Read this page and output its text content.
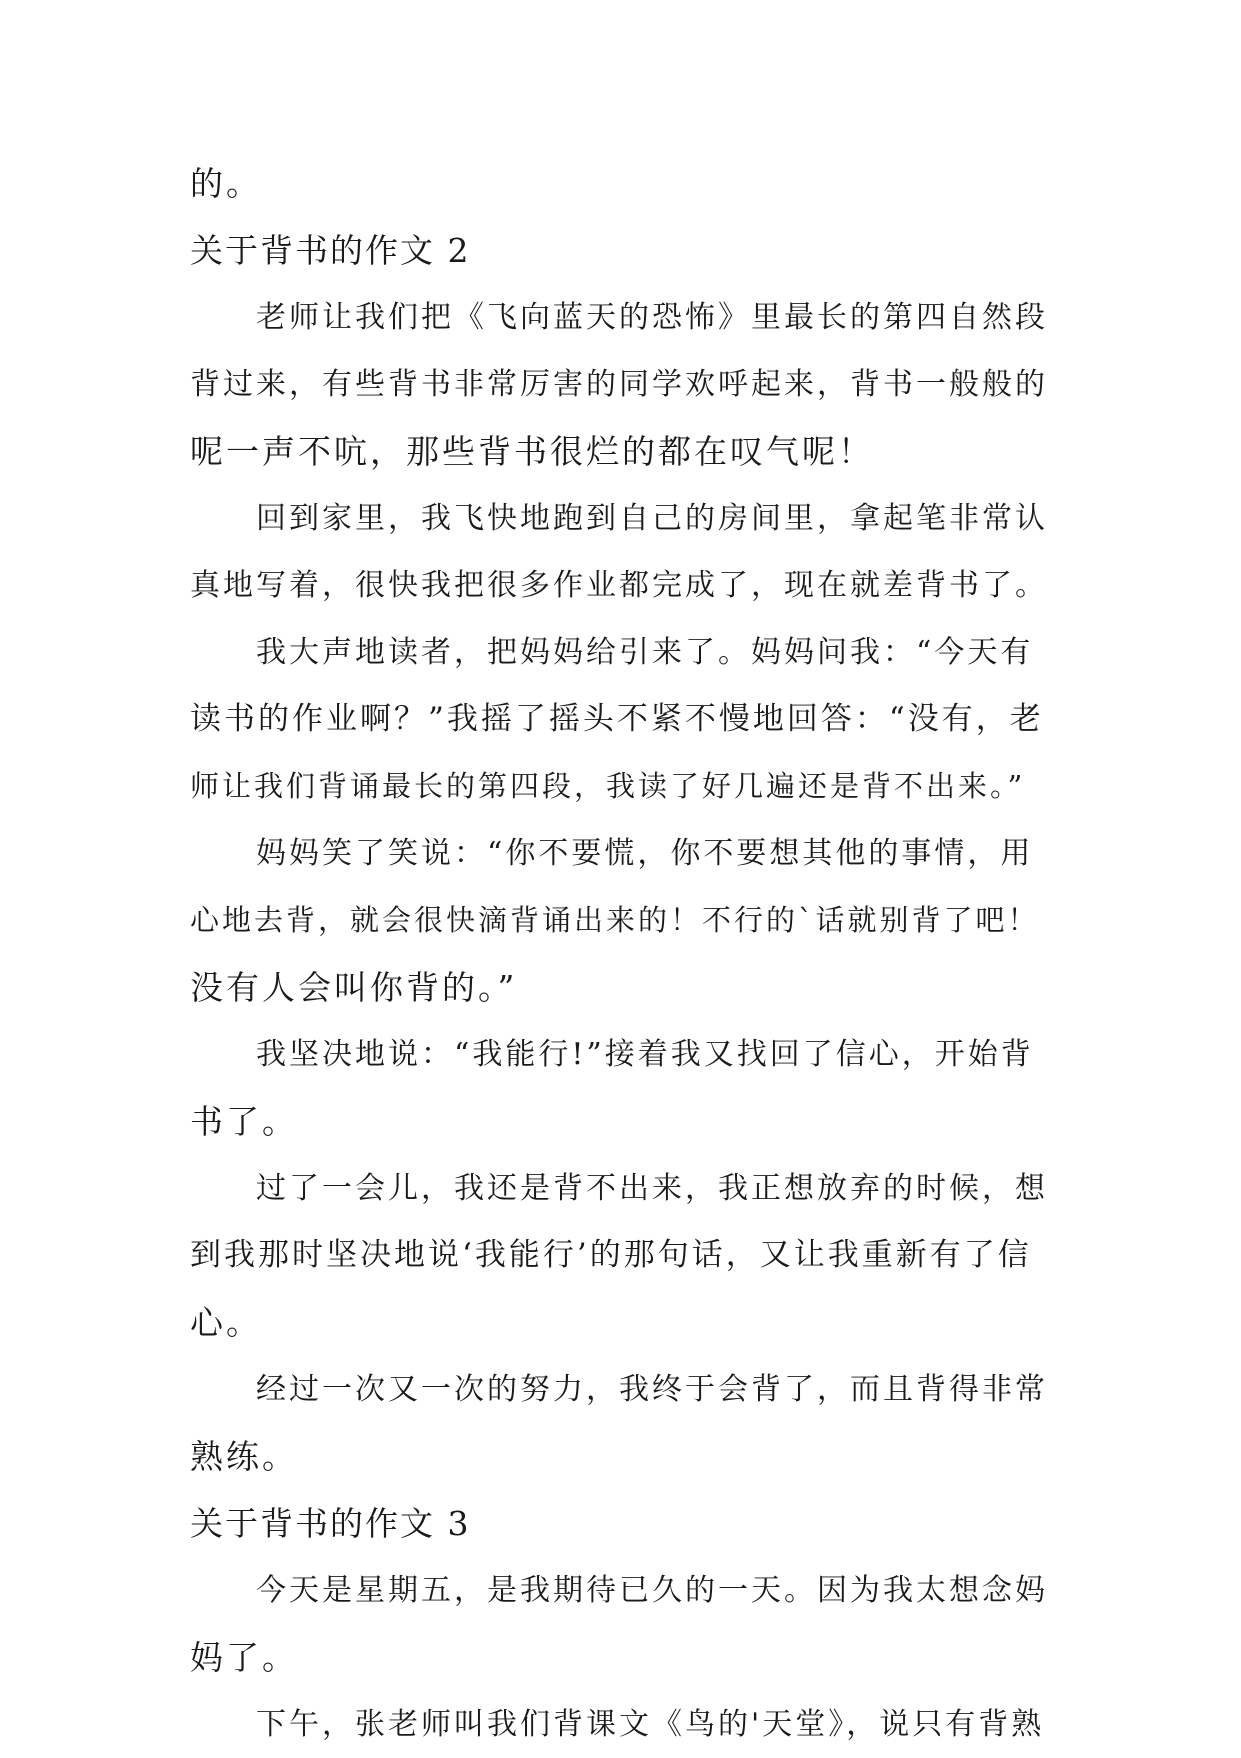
的。
关于背书的作文 2
老师让我们把《飞向蓝天的恐怖》里最长的第四自然段
背过来，有些背书非常厉害的同学欢呼起来，背书一般般的
呢一声不吭，那些背书很烂的都在叹气呢！
回到家里，我飞快地跑到自己的房间里，拿起笔非常认
真地写着，很快我把很多作业都完成了，现在就差背书了。
我大声地读者，把妈妈给引来了。妈妈问我：“今天有
读书的作业啊？”我摇了摇头不紧不慢地回答：“没有，老
师让我们背诵最长的第四段，我读了好几遍还是背不出来。”
妈妈笑了笑说：“你不要慌，你不要想其他的事情，用
心地去背，就会很快滴背诵出来的！不行的`话就别背了吧！
没有人会叫你背的。”
我坚决地说：“我能行!”接着我又找回了信心，开始背
书了。
过了一会儿，我还是背不出来，我正想放弃的时候，想
到我那时坚决地说‘我能行’的那句话，又让我重新有了信
心。
经过一次又一次的努力，我终于会背了，而且背得非常
熟练。
关于背书的作文 3
今天是星期五，是我期待已久的一天。因为我太想念妈
妈了。
下午，张老师叫我们背课文《鸟的'天堂》，说只有背熟
